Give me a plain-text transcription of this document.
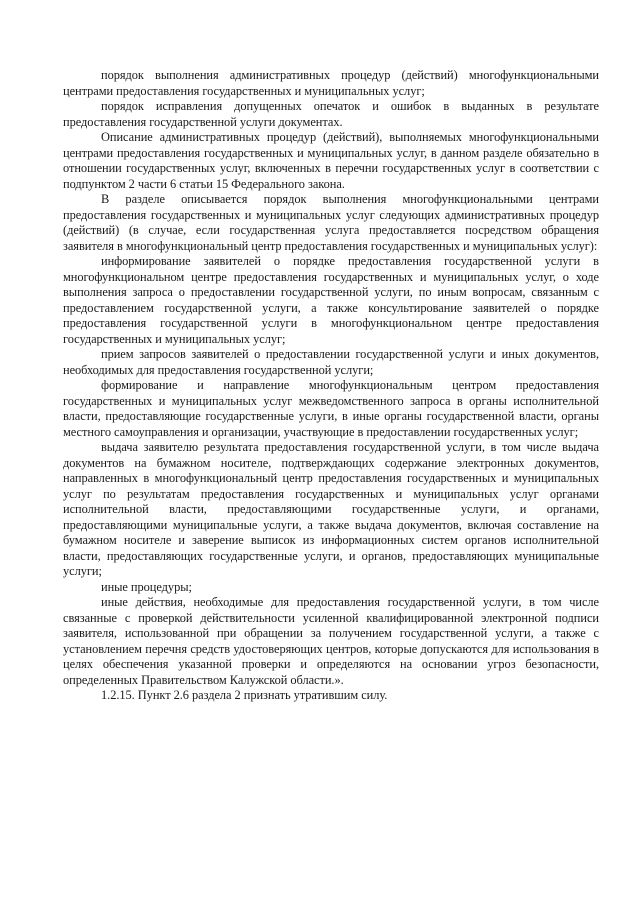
порядок выполнения административных процедур (действий) многофункциональными центрами предоставления государственных и муниципальных услуг;

порядок исправления допущенных опечаток и ошибок в выданных в результате предоставления государственной услуги документах.

Описание административных процедур (действий), выполняемых многофункциональными центрами предоставления государственных и муниципальных услуг, в данном разделе обязательно в отношении государственных услуг, включенных в перечни государственных услуг в соответствии с подпунктом 2 части 6 статьи 15 Федерального закона.

В разделе описывается порядок выполнения многофункциональными центрами предоставления государственных и муниципальных услуг следующих административных процедур (действий) (в случае, если государственная услуга предоставляется посредством обращения заявителя в многофункциональный центр предоставления государственных и муниципальных услуг):

информирование заявителей о порядке предоставления государственной услуги в многофункциональном центре предоставления государственных и муниципальных услуг, о ходе выполнения запроса о предоставлении государственной услуги, по иным вопросам, связанным с предоставлением государственной услуги, а также консультирование заявителей о порядке предоставления государственной услуги в многофункциональном центре предоставления государственных и муниципальных услуг;

прием запросов заявителей о предоставлении государственной услуги и иных документов, необходимых для предоставления государственной услуги;

формирование и направление многофункциональным центром предоставления государственных и муниципальных услуг межведомственного запроса в органы исполнительной власти, предоставляющие государственные услуги, в иные органы государственной власти, органы местного самоуправления и организации, участвующие в предоставлении государственных услуг;

выдача заявителю результата предоставления государственной услуги, в том числе выдача документов на бумажном носителе, подтверждающих содержание электронных документов, направленных в многофункциональный центр предоставления государственных и муниципальных услуг по результатам предоставления государственных и муниципальных услуг органами исполнительной власти, предоставляющими государственные услуги, и органами, предоставляющими муниципальные услуги, а также выдача документов, включая составление на бумажном носителе и заверение выписок из информационных систем органов исполнительной власти, предоставляющих государственные услуги, и органов, предоставляющих муниципальные услуги;

иные процедуры;

иные действия, необходимые для предоставления государственной услуги, в том числе связанные с проверкой действительности усиленной квалифицированной электронной подписи заявителя, использованной при обращении за получением государственной услуги, а также с установлением перечня средств удостоверяющих центров, которые допускаются для использования в целях обеспечения указанной проверки и определяются на основании угроз безопасности, определенных Правительством Калужской области.».

1.2.15. Пункт 2.6 раздела 2 признать утратившим силу.
